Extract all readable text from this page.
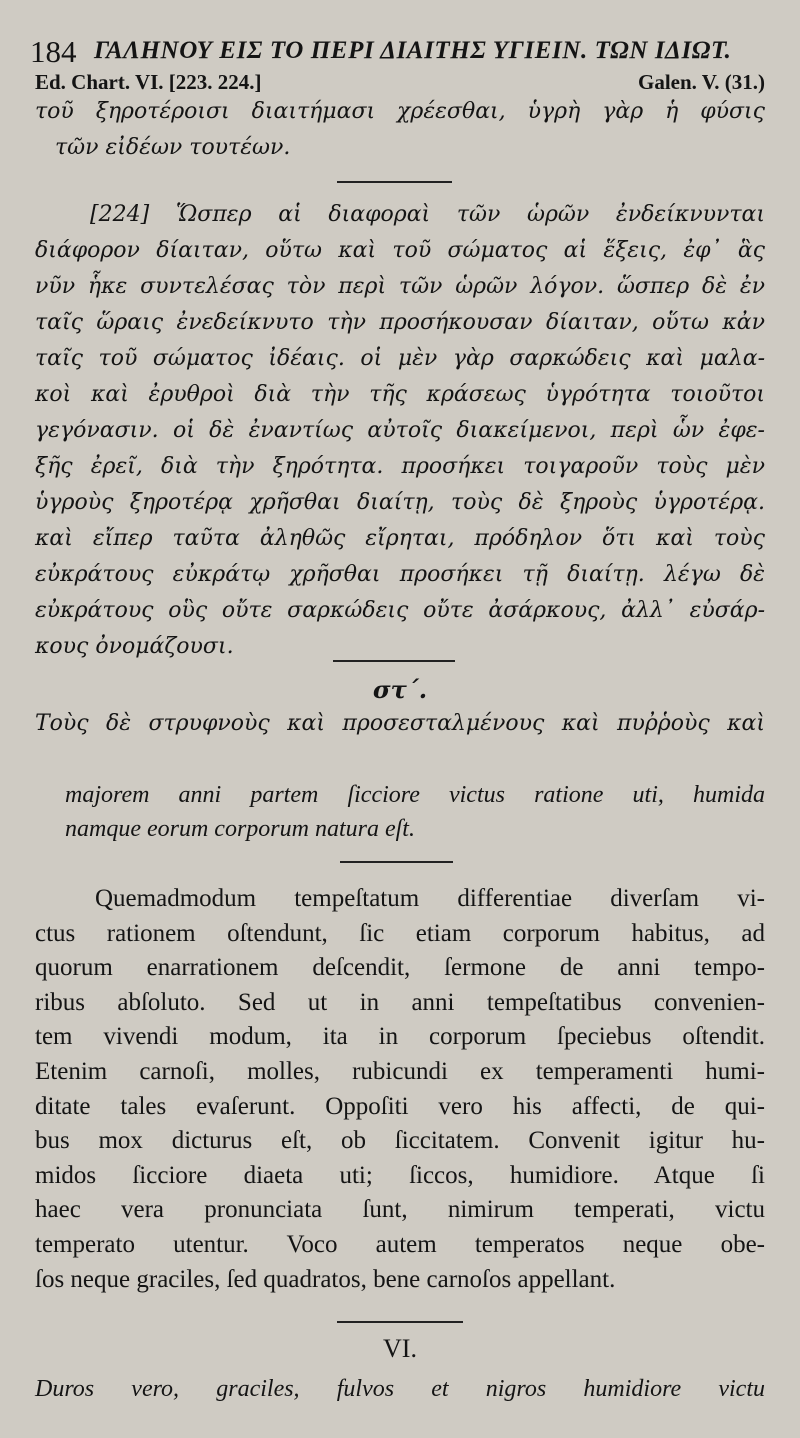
184 ΓΑΛΗΝΟΥ ΕΙΣ ΤΟ ΠΕΡΙ ΔΙΑΙΤΗΣ ΥΓΙΕΙΝ. ΤΩΝ ΙΔΙΩΤ.
Ed. Chart. VI. [223. 224.]	Galen. V. (31.)
τοῦ ξηροτέροισι διαιτήμασι χρέεσθαι, ὑγρὴ γὰρ ἡ φύσις
τῶν εἰδέων τουτέων.
[224] Ὥσπερ αἱ διαφοραὶ τῶν ὡρῶν ἐνδείκνυνται
διάφορον δίαιταν, οὕτω καὶ τοῦ σώματος αἱ ἕξεις, ἐφ᾿ ἃς
νῦν ἧκε συντελέσας τὸν περὶ τῶν ὡρῶν λόγον. ὥσπερ δὲ ἐν
ταῖς ὥραις ἐνεδείκνυτο τὴν προσήκουσαν δίαιταν, οὕτω κἀν
ταῖς τοῦ σώματος ἰδέαις. οἱ μὲν γὰρ σαρκώδεις καὶ μαλα-
κοὶ καὶ ἐρυθροὶ διὰ τὴν τῆς κράσεως ὑγρότητα τοιοῦτοι
γεγόνασιν. οἱ δὲ ἐναντίως αὐτοῖς διακείμενοι, περὶ ὧν ἐφε-
ξῆς ἐρεῖ, διὰ τὴν ξηρότητα. προσήκει τοιγαροῦν τοὺς μὲν
ὑγροὺς ξηροτέρᾳ χρῆσθαι διαίτῃ, τοὺς δὲ ξηροὺς ὑγροτέρᾳ.
καὶ εἴπερ ταῦτα ἀληθῶς εἴρηται, πρόδηλον ὅτι καὶ τοὺς
εὐκράτους εὐκράτῳ χρῆσθαι προσήκει τῇ διαίτῃ. λέγω δὲ
εὐκράτους οὓς οὔτε σαρκώδεις οὔτε ἀσάρκους, ἀλλ᾿ εὐσάρ-
κους ὀνομάζουσι.
στ΄.
Τοὺς δὲ στρυφνοὺς καὶ προσεσταλμένους καὶ πυῤῥοὺς καὶ
majorem anni partem ſicciore victus ratione uti, humida
namque eorum corporum natura eſt.
Quemadmodum tempeſtatum differentiae diverſam vi-
ctus rationem oſtendunt, ſic etiam corporum habitus, ad
quorum enarrationem deſcendit, ſermone de anni tempo-
ribus abſoluto. Sed ut in anni tempeſtatibus convenien-
tem vivendi modum, ita in corporum ſpeciebus oſtendit.
Etenim carnoſi, molles, rubicundi ex temperamenti humi-
ditate tales evaſerunt. Oppoſiti vero his affecti, de qui-
bus mox dicturus eſt, ob ſiccitatem. Convenit igitur hu-
midos ſicciore diaeta uti; ſiccos, humidiore. Atque ſi
haec vera pronunciata ſunt, nimirum temperati, victu
temperato utentur. Voco autem temperatos neque obe-
ſos neque graciles, ſed quadratos, bene carnoſos appellant.
VI.
Duros vero, graciles, fulvos et nigros humidiore victu
